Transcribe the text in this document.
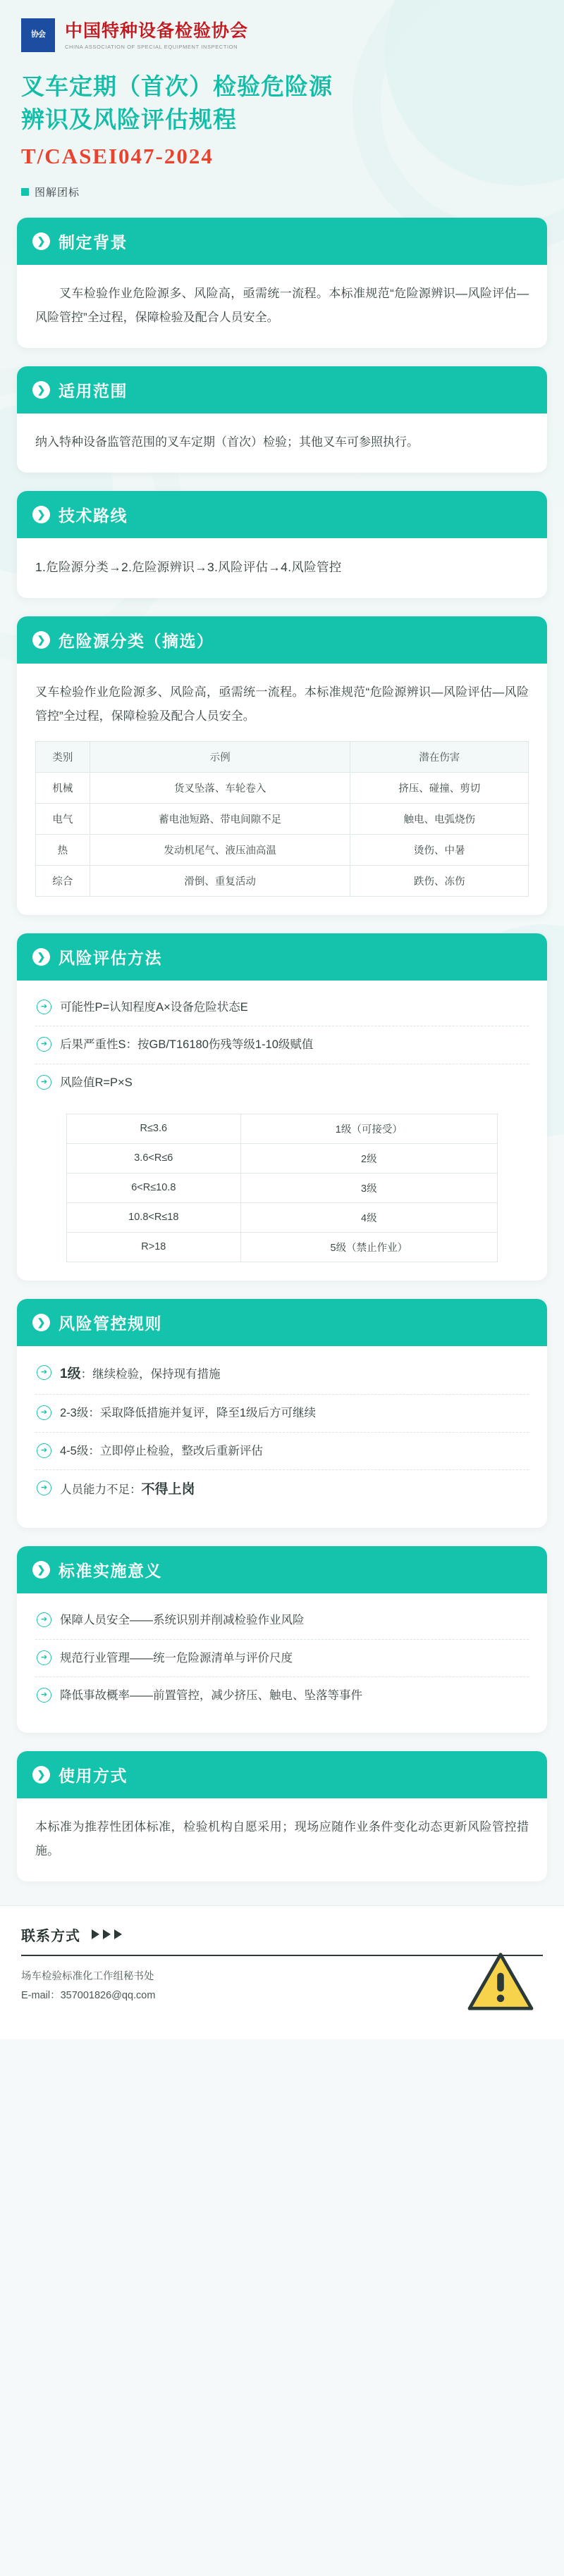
协会 中国特种设备检验协会
CHINA ASSOCIATION OF SPECIAL EQUIPMENT INSPECTION
叉车定期（首次）检验危险源
辨识及风险评估规程
T/CASEI047-2024
图解团标
❯ 制定背景
叉车检验作业危险源多、风险高，亟需统一流程。本标准规范“危险源辨识—风险评估—风险管控”全过程，保障检验及配合人员安全。
❯ 适用范围
纳入特种设备监管范围的叉车定期（首次）检验；其他叉车可参照执行。
❯ 技术路线
1.危险源分类→2.危险源辨识→3.风险评估→4.风险管控
❯ 危险源分类（摘选）
叉车检验作业危险源多、风险高，亟需统一流程。本标准规范“危险源辨识—风险评估—风险管控”全过程，保障检验及配合人员安全。
类别	示例	潜在伤害
机械	货叉坠落、车轮卷入	挤压、碰撞、剪切
电气	蓄电池短路、带电间隙不足	触电、电弧烧伤
热	发动机尾气、液压油高温	烫伤、中暑
综合	滑倒、重复活动	跌伤、冻伤
❯ 风险评估方法
➔	可能性P=认知程度A×设备危险状态E
➔	后果严重性S：按GB/T16180伤残等级1-10级赋值
➔	风险值R=P×S
R≤3.6	1级（可接受）
3.6<R≤6	2级
6<R≤10.8	3级
10.8<R≤18	4级
R>18	5级（禁止作业）
❯ 风险管控规则
➔ 1级：继续检验，保持现有措施
➔	2-3级：采取降低措施并复评，降至1级后方可继续
➔	4-5级：立即停止检验，整改后重新评估
➔	人员能力不足：不得上岗
❯ 标准实施意义
➔	保障人员安全——系统识别并削减检验作业风险
➔	规范行业管理——统一危险源清单与评价尺度
➔	降低事故概率——前置管控，减少挤压、触电、坠落等事件
❯ 使用方式
本标准为推荐性团体标准，检验机构自愿采用；现场应随作业条件变化动态更新风险管控措施。
联系方式
场车检验标准化工作组秘书处
E-mail：357001826@qq.com
